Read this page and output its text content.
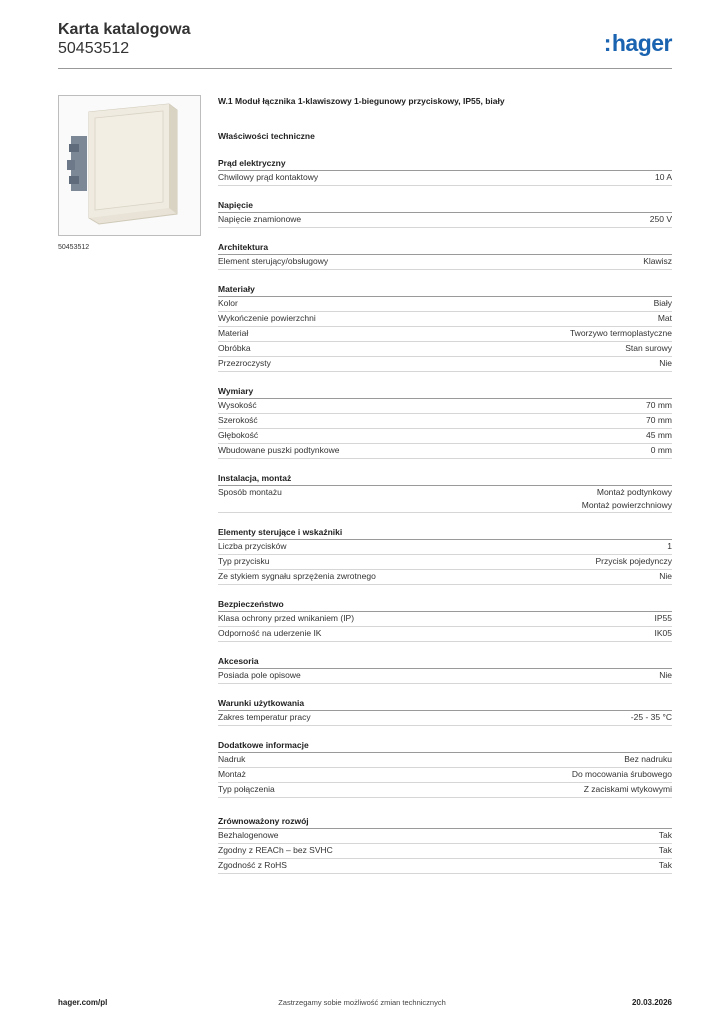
Karta katalogowa
50453512	:hager
50453512
W.1 Moduł łącznika 1-klawiszowy 1-biegunowy przyciskowy, IP55, biały
Właściwości techniczne
Prąd elektryczny
Chwilowy prąd kontaktowy	10 A
Napięcie
Napięcie znamionowe	250 V
Architektura
Element sterujący/obsługowy	Klawisz
Materiały
Kolor	Biały
Wykończenie powierzchni	Mat
Materiał	Tworzywo termoplastyczne
Obróbka	Stan surowy
Przezroczysty	Nie
Wymiary
Wysokość	70 mm
Szerokość	70 mm
Głębokość	45 mm
Wbudowane puszki podtynkowe	0 mm
Instalacja, montaż
Sposób montażu	Montaż podtynkowy
Montaż powierzchniowy
Elementy sterujące i wskaźniki
Liczba przycisków	1
Typ przycisku	Przycisk pojedynczy
Ze stykiem sygnału sprzężenia zwrotnego	Nie
Bezpieczeństwo
Klasa ochrony przed wnikaniem (IP)	IP55
Odporność na uderzenie IK	IK05
Akcesoria
Posiada pole opisowe	Nie
Warunki użytkowania
Zakres temperatur pracy	-25 - 35 °C
Dodatkowe informacje
Nadruk	Bez nadruku
Montaż	Do mocowania śrubowego
Typ połączenia	Z zaciskami wtykowymi
Zrównoważony rozwój
Bezhalogenowe	Tak
Zgodny z REACh – bez SVHC	Tak
Zgodność z RoHS	Tak
hager.com/pl	Zastrzegamy sobie możliwość zmian technicznych	20.03.2026
